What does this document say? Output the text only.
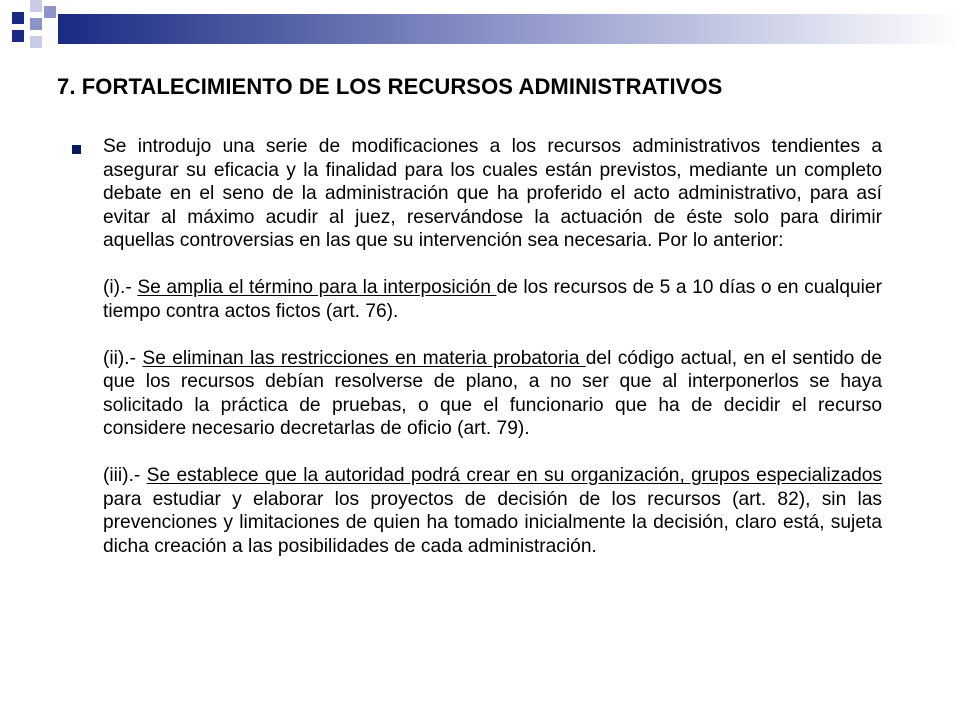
7. FORTALECIMIENTO DE LOS RECURSOS ADMINISTRATIVOS

Se introdujo una serie de modificaciones a los recursos administrativos tendientes a asegurar su eficacia y la finalidad para los cuales están previstos, mediante un completo debate en el seno de la administración que ha proferido el acto administrativo, para así evitar al máximo acudir al juez, reservándose la actuación de éste solo para dirimir aquellas controversias en las que su intervención sea necesaria. Por lo anterior:

(i).- Se amplia el término para la interposición de los recursos de 5 a 10 días o en cualquier tiempo contra actos fictos (art. 76).

(ii).- Se eliminan las restricciones en materia probatoria del código actual, en el sentido de que los recursos debían resolverse de plano, a no ser que al interponerlos se haya solicitado la práctica de pruebas, o que el funcionario que ha de decidir el recurso considere necesario decretarlas de oficio (art. 79).

(iii).- Se establece que la autoridad podrá crear en su organización, grupos especializados para estudiar y elaborar los proyectos de decisión de los recursos (art. 82), sin las prevenciones y limitaciones de quien ha tomado inicialmente la decisión, claro está, sujeta dicha creación a las posibilidades de cada administración.
